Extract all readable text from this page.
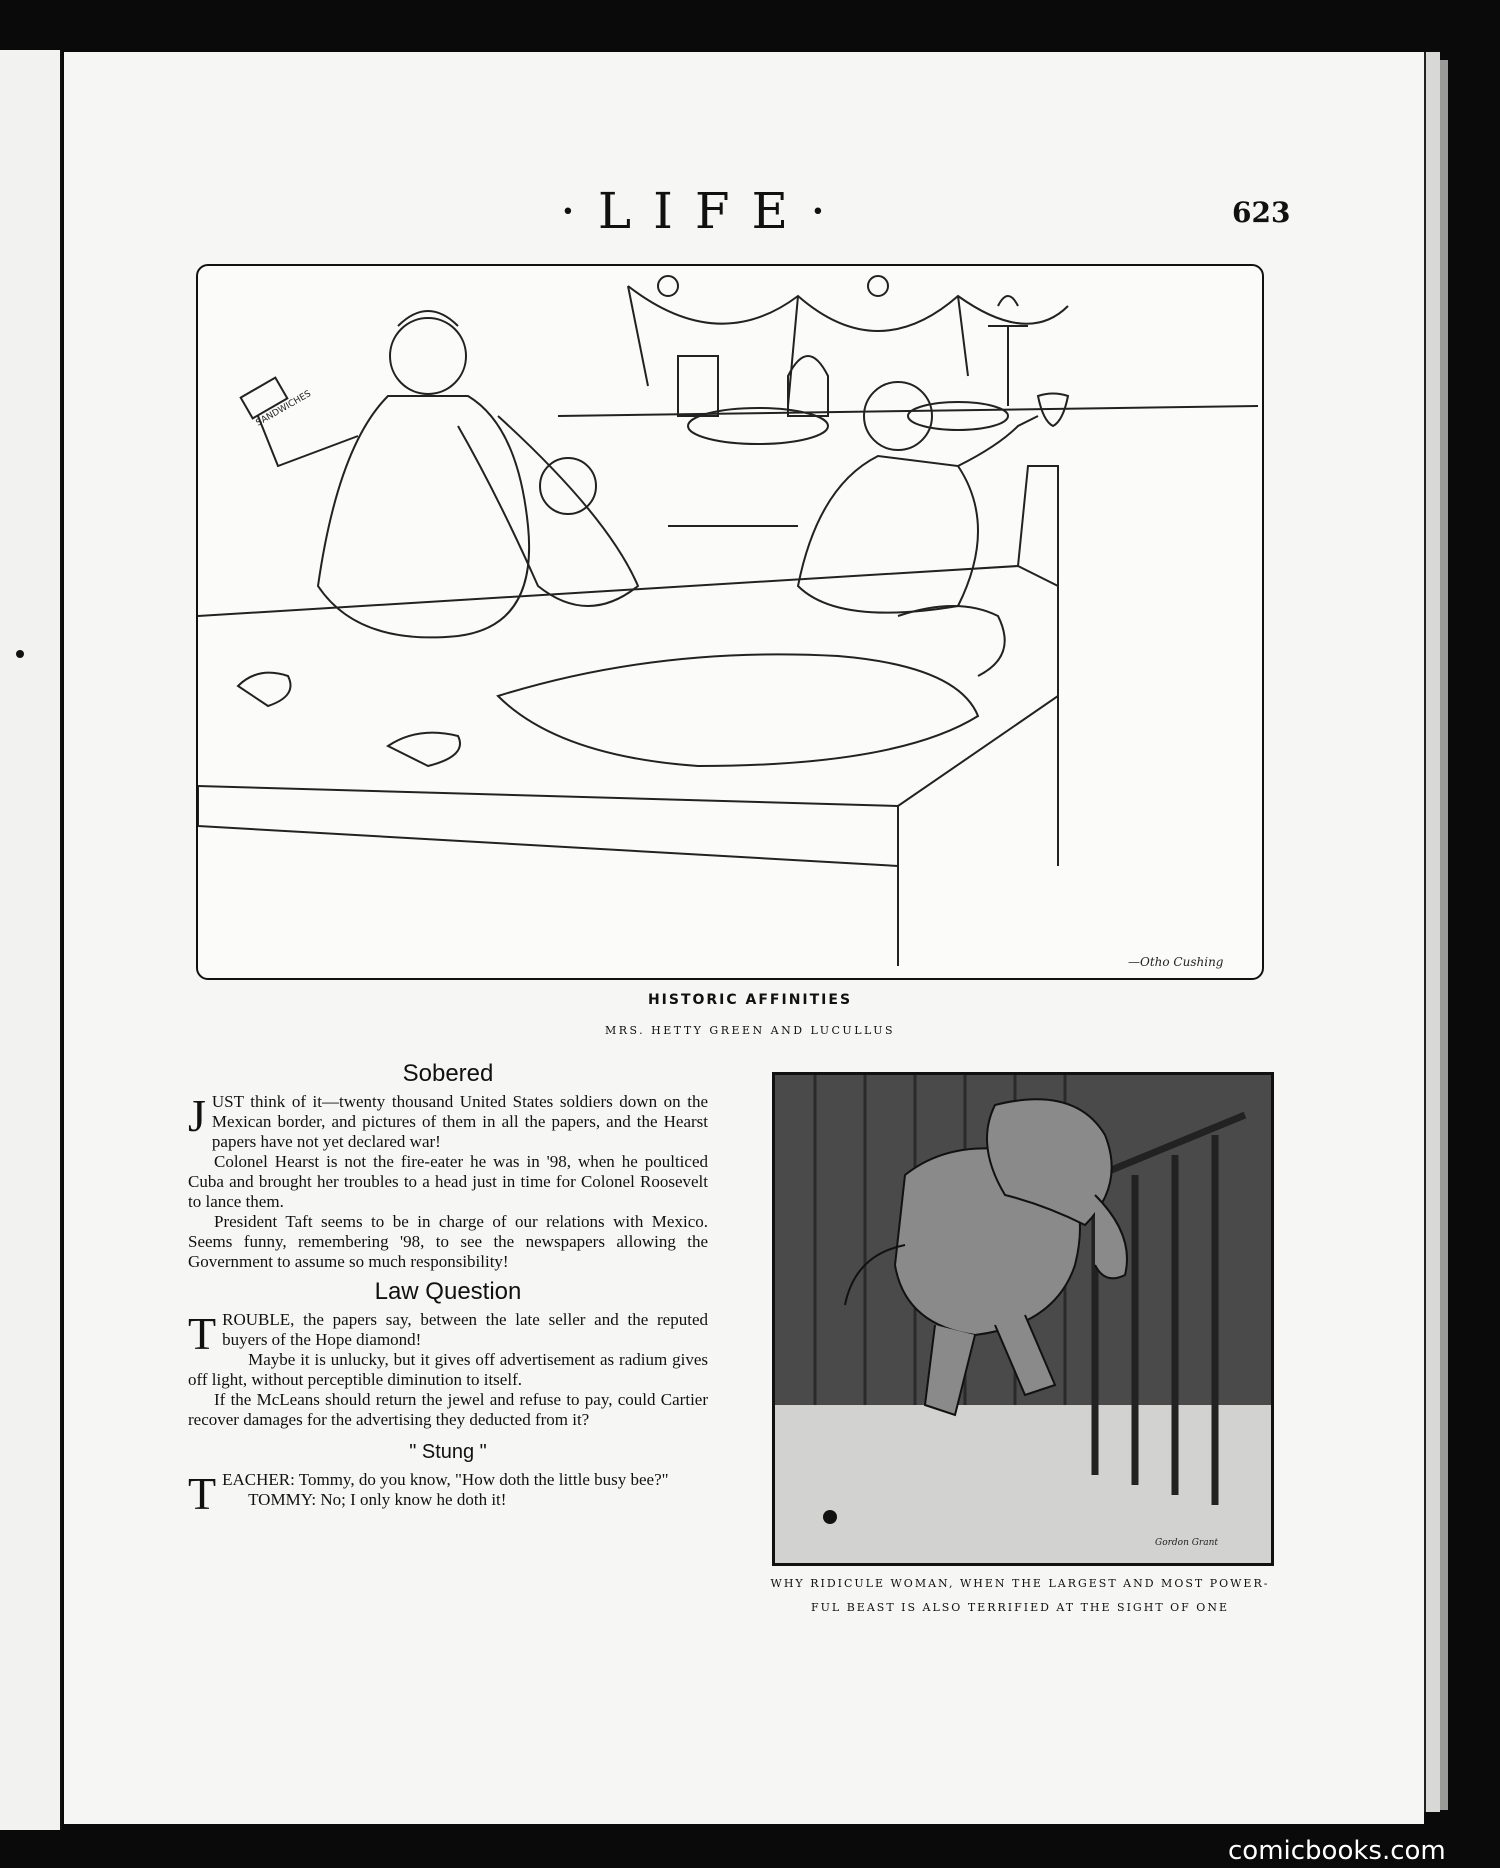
·LIFE·	623
SANDWICHES
—Otho Cushing
HISTORIC AFFINITIES
MRS. HETTY GREEN AND LUCULLUS
Sobered

JUST think of it—twenty thousand United States soldiers down on the Mexican border, and pictures of them in all the papers, and the Hearst papers have not yet declared war!

Colonel Hearst is not the fire-eater he was in '98, when he poulticed Cuba and brought her troubles to a head just in time for Colonel Roosevelt to lance them.

President Taft seems to be in charge of our relations with Mexico. Seems funny, remembering '98, to see the newspapers allowing the Government to assume so much responsibility!

Law Question

TROUBLE, the papers say, between the late seller and the reputed buyers of the Hope diamond!

Maybe it is unlucky, but it gives off advertisement as radium gives off light, without perceptible diminution to itself.

If the McLeans should return the jewel and refuse to pay, could Cartier recover damages for the advertising they deducted from it?

" Stung "

TEACHER: Tommy, do you know, "How doth the little busy bee?"

TOMMY: No; I only know he doth it!

Gordon Grant
WHY RIDICULE WOMAN, WHEN THE LARGEST AND MOST POWER-
FUL BEAST IS ALSO TERRIFIED AT THE SIGHT OF ONE
comicbooks.com
